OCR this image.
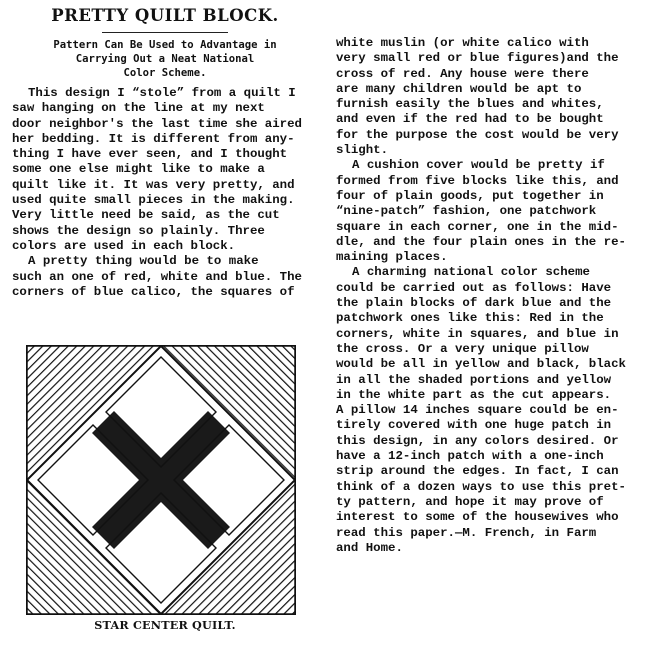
PRETTY QUILT BLOCK.
Pattern Can Be Used to Advantage in
Carrying Out a Neat National
Color Scheme.
This design I “stole” from a quilt I
saw hanging on the line at my next
door neighbor's the last time she aired
her bedding. It is different from any-
thing I have ever seen, and I thought
some one else might like to make a
quilt like it. It was very pretty, and
used quite small pieces in the making.
Very little need be said, as the cut
shows the design so plainly. Three
colors are used in each block.
A pretty thing would be to make
such an one of red, white and blue. The
corners of blue calico, the squares of
white muslin (or white calico with
very small red or blue figures)and the
cross of red. Any house were there
are many children would be apt to
furnish easily the blues and whites,
and even if the red had to be bought
for the purpose the cost would be very
slight.
A cushion cover would be pretty if
formed from five blocks like this, and
four of plain goods, put together in
“nine-patch” fashion, one patchwork
square in each corner, one in the mid-
dle, and the four plain ones in the re-
maining places.
A charming national color scheme
could be carried out as follows: Have
the plain blocks of dark blue and the
patchwork ones like this: Red in the
corners, white in squares, and blue in
the cross. Or a very unique pillow
would be all in yellow and black, black
in all the shaded portions and yellow
in the white part as the cut appears.
A pillow 14 inches square could be en-
tirely covered with one huge patch in
this design, in any colors desired. Or
have a 12-inch patch with a one-inch
strip around the edges. In fact, I can
think of a dozen ways to use this pret-
ty pattern, and hope it may prove of
interest to some of the housewives who
read this paper.—M. French, in Farm
and Home.
STAR CENTER QUILT.
